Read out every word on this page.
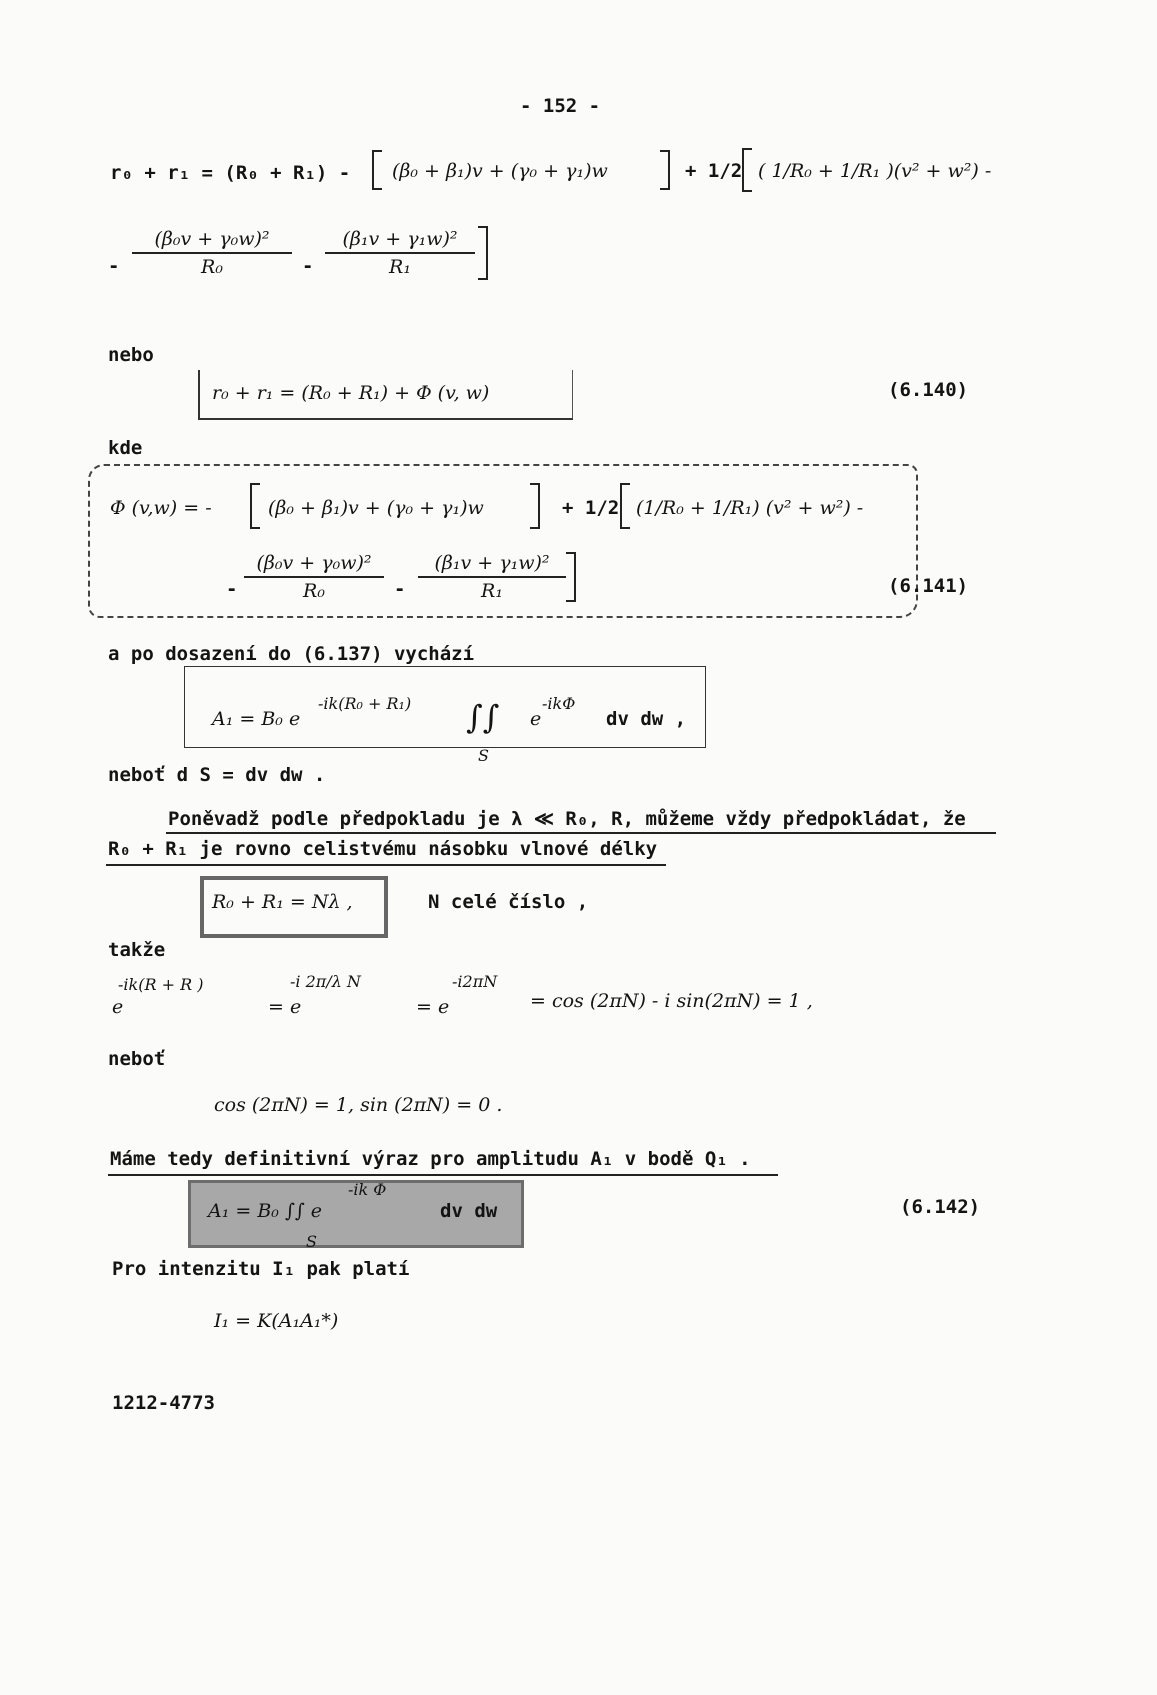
- 152 -
r₀ + r₁ = (R₀ + R₁) - (β₀ + β₁)v + (γ₀ + γ₁)w	+ 1/2 ( 1/R₀ + 1/R₁ )(v² + w²) -
- $\frac{\text{(β₀v + γ₀w)²}}{\text{R₀}} - \frac{\text{(β₁v + γ₁w)²}}{\text{R₁}}$
nebo
r₀ + r₁ = (R₀ + R₁) + Φ (v, w)	(6.140)
kde
Φ (v,w) = -	(β₀ + β₁)v + (γ₀ + γ₁)w	+ 1/2 (1/R₀ + 1/R₁) (v² + w²) -
- $\frac{\text{(β₀v + γ₀w)²}}{\text{R₀}} - \frac{\text{(β₁v + γ₁w)²}}{\text{R₁}}$	(6.141)
a po dosazení do (6.137) vychází
A₁ = B₀ e
-ik(R₀ + R₁) ∫∫
S
e
-ikΦ
dv dw ,
neboť d S = dv dw .
Poněvadž podle předpokladu je λ ≪ R₀, R, můžeme vždy předpokládat, že
R₀ + R₁ je rovno celistvému násobku vlnové délky
R₀ + R₁ = Nλ ,	N celé číslo ,
takže
e
-ik(R + R )
= e
-i 2π/λ N
= e
-i2πN
= cos (2πN) - i sin(2πN) = 1 ,
neboť
cos (2πN) = 1, sin (2πN) = 0 .
Máme tedy definitivní výraz pro amplitudu A₁ v bodě Q₁ .
A₁ = B₀ ∫∫ e
-ik Φ
S
dv dw	(6.142)
Pro intenzitu I₁ pak platí
I₁ = K(A₁A₁*)
1212-4773
